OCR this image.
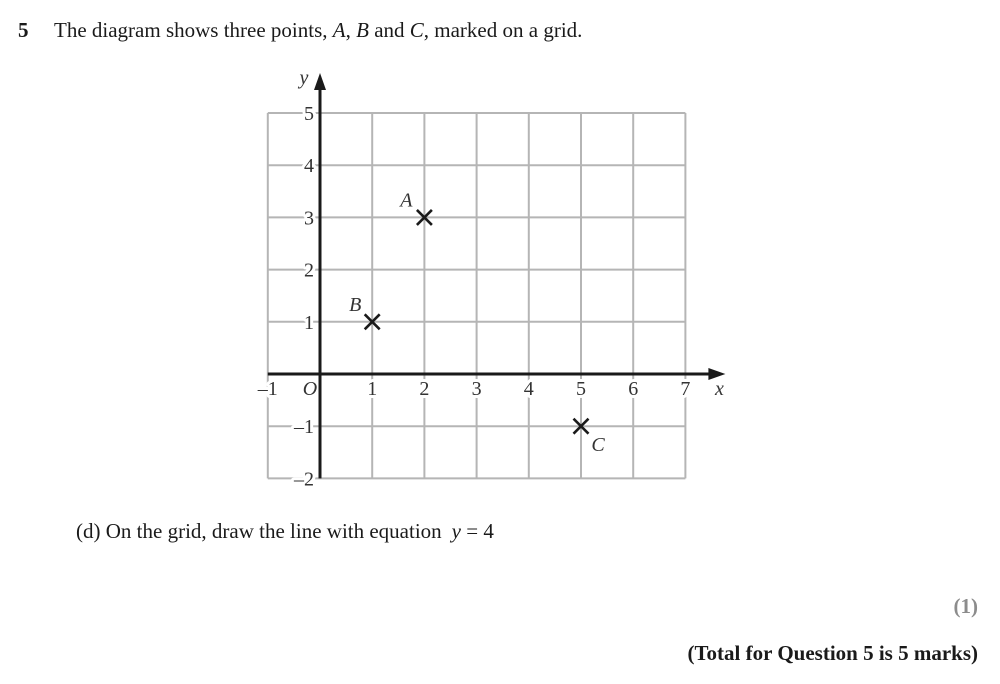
5 The diagram shows three points, A, B and C, marked on a grid.
x
y
O
–1	1 2 3 4 5 6 7
5
4
3
2
1
–1
–2
A
B
C
(d) On the grid, draw the line with equation y = 4
(1)
(Total for Question 5 is 5 marks)
